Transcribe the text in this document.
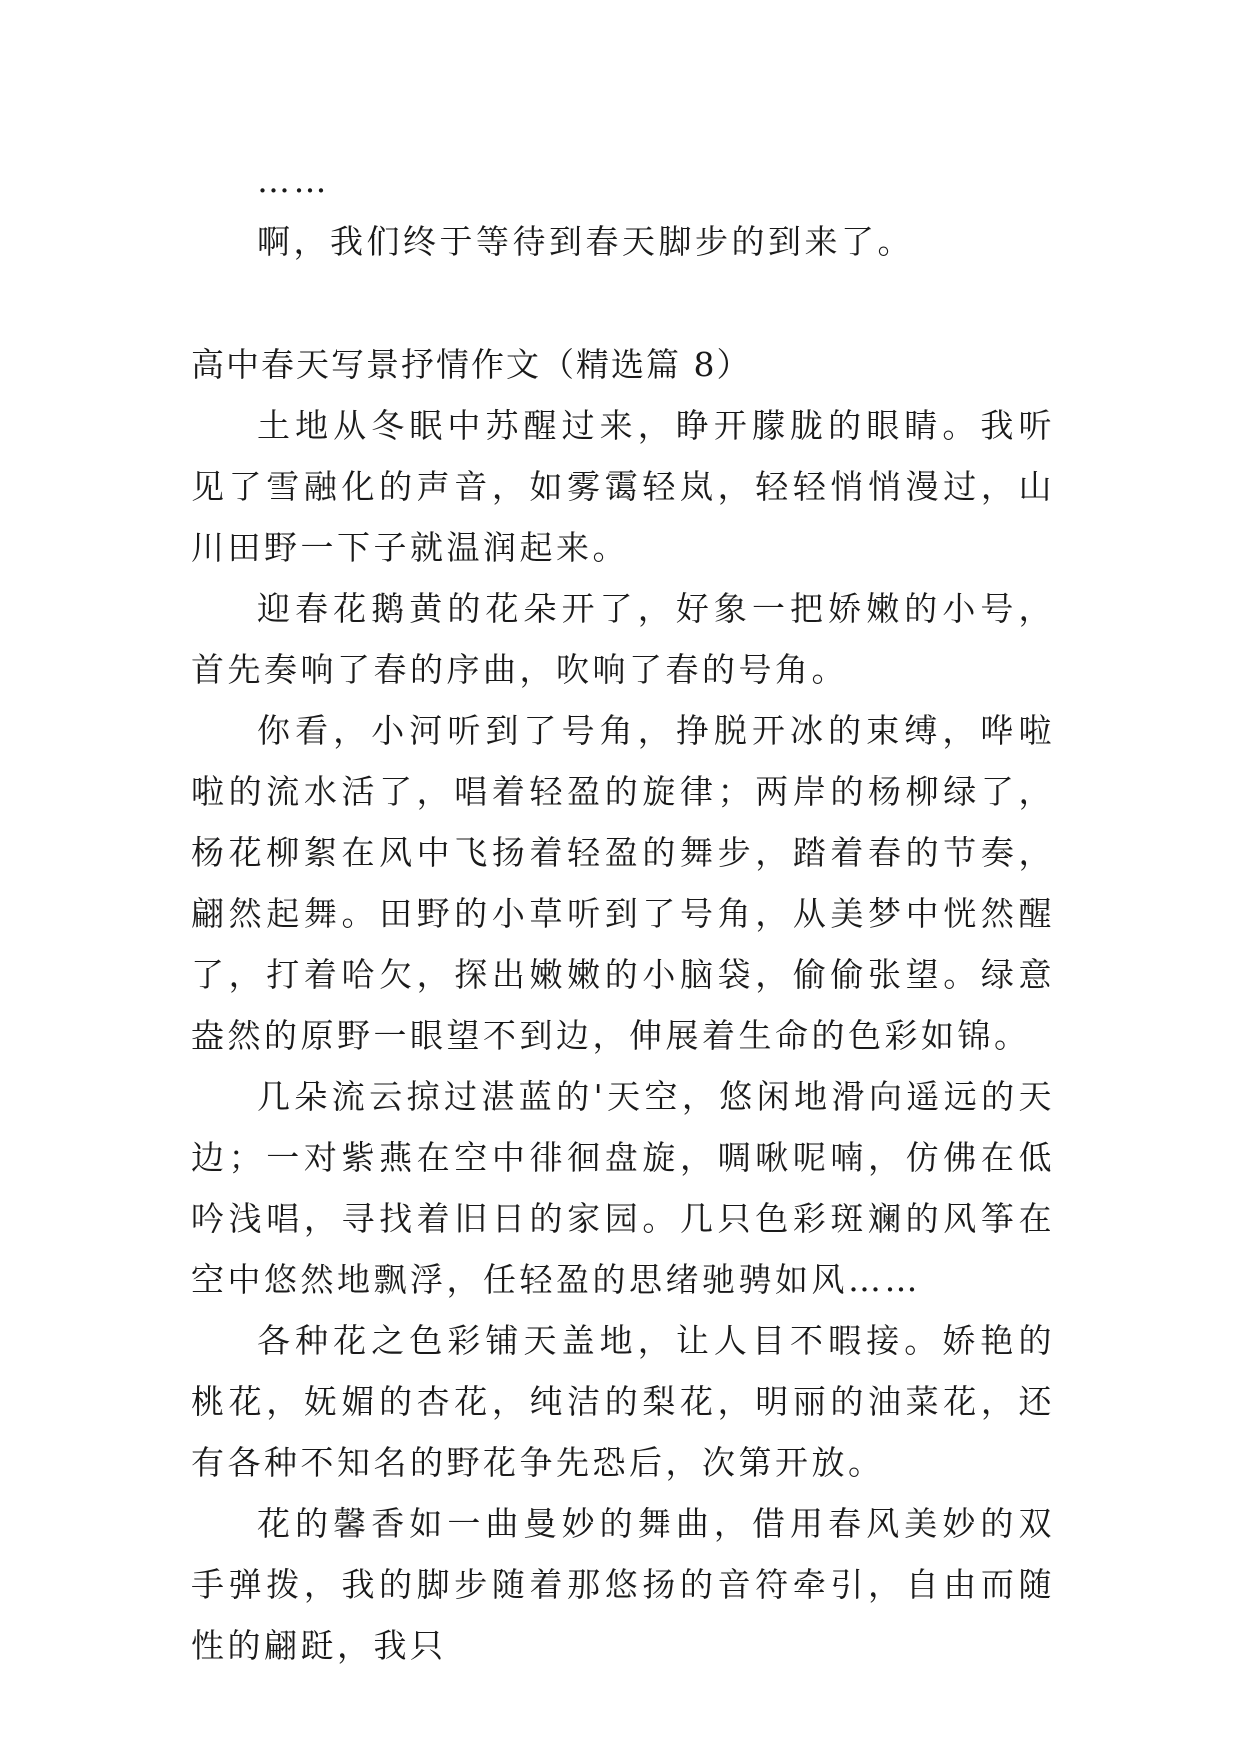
……

啊，我们终于等待到春天脚步的到来了。

高中春天写景抒情作文（精选篇 8）

土地从冬眠中苏醒过来，睁开朦胧的眼睛。我听见了雪融化的声音，如雾霭轻岚，轻轻悄悄漫过，山川田野一下子就温润起来。

迎春花鹅黄的花朵开了，好象一把娇嫩的小号，首先奏响了春的序曲，吹响了春的号角。

你看，小河听到了号角，挣脱开冰的束缚，哗啦啦的流水活了，唱着轻盈的旋律；两岸的杨柳绿了，杨花柳絮在风中飞扬着轻盈的舞步，踏着春的节奏，翩然起舞。田野的小草听到了号角，从美梦中恍然醒了，打着哈欠，探出嫩嫩的小脑袋，偷偷张望。绿意盎然的原野一眼望不到边，伸展着生命的色彩如锦。

几朵流云掠过湛蓝的'天空，悠闲地滑向遥远的天边；一对紫燕在空中徘徊盘旋，啁啾呢喃，仿佛在低吟浅唱，寻找着旧日的家园。几只色彩斑斓的风筝在空中悠然地飘浮，任轻盈的思绪驰骋如风……

各种花之色彩铺天盖地，让人目不暇接。娇艳的桃花，妩媚的杏花，纯洁的梨花，明丽的油菜花，还有各种不知名的野花争先恐后，次第开放。

花的馨香如一曲曼妙的舞曲，借用春风美妙的双手弹拨，我的脚步随着那悠扬的音符牵引，自由而随性的翩跹，我只
